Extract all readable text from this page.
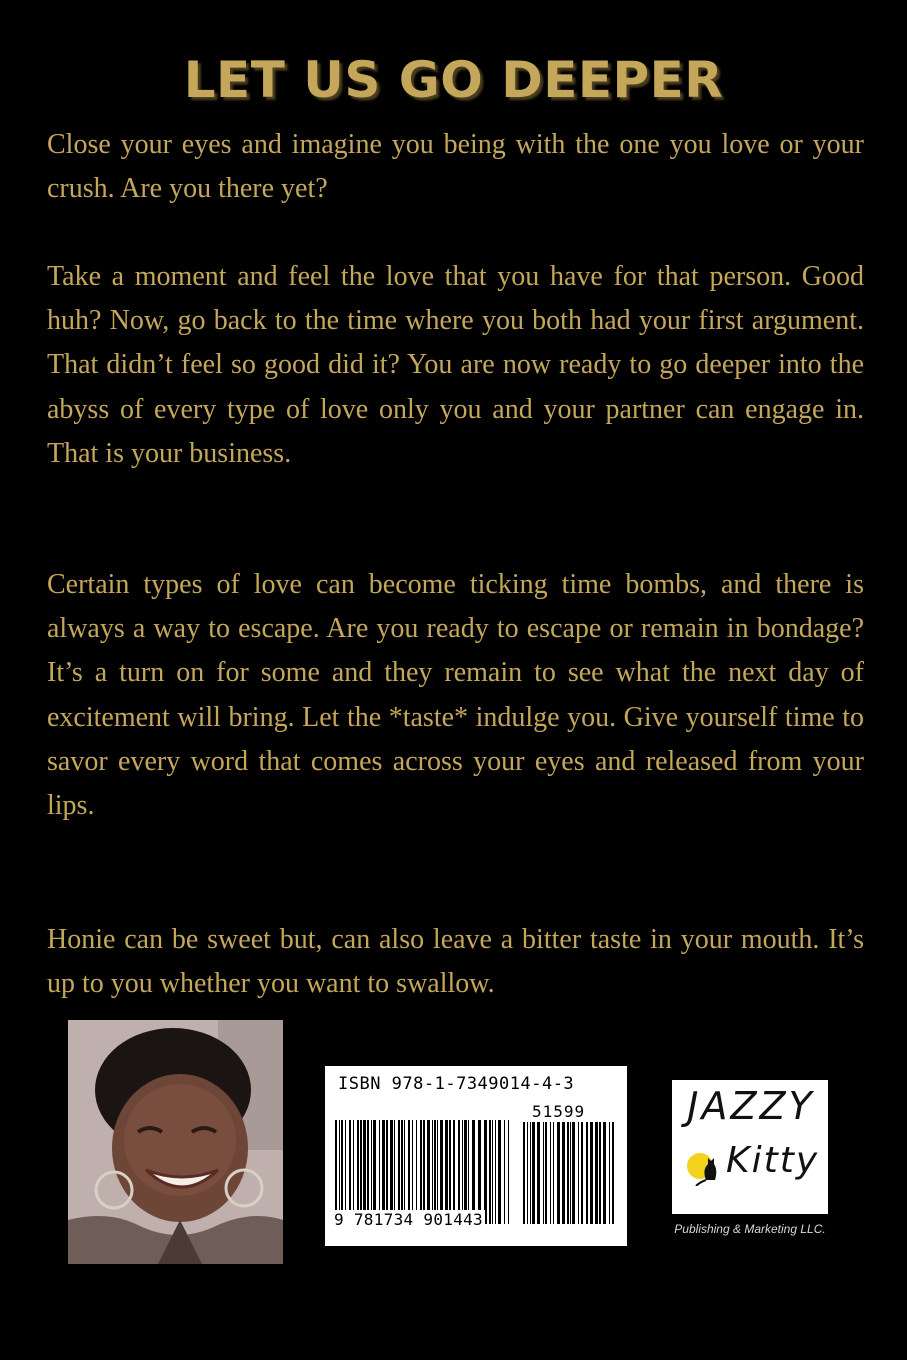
LET US GO DEEPER

Close your eyes and imagine you being with the one you love or your crush. Are you there yet?

Take a moment and feel the love that you have for that person. Good huh? Now, go back to the time where you both had your first argument. That didn’t feel so good did it? You are now ready to go deeper into the abyss of every type of love only you and your partner can engage in. That is your business.

Certain types of love can become ticking time bombs, and there is always a way to escape. Are you ready to escape or remain in bondage? It’s a turn on for some and they remain to see what the next day of excitement will bring. Let the *taste* indulge you. Give yourself time to savor every word that comes across your eyes and released from your lips.

Honie can be sweet but, can also leave a bitter taste in your mouth. It’s up to you whether you want to swallow.

ISBN 978-1-7349014-4-3
51599
9 781734 901443
JAZZY
Kitty
Publishing & Marketing LLC.
